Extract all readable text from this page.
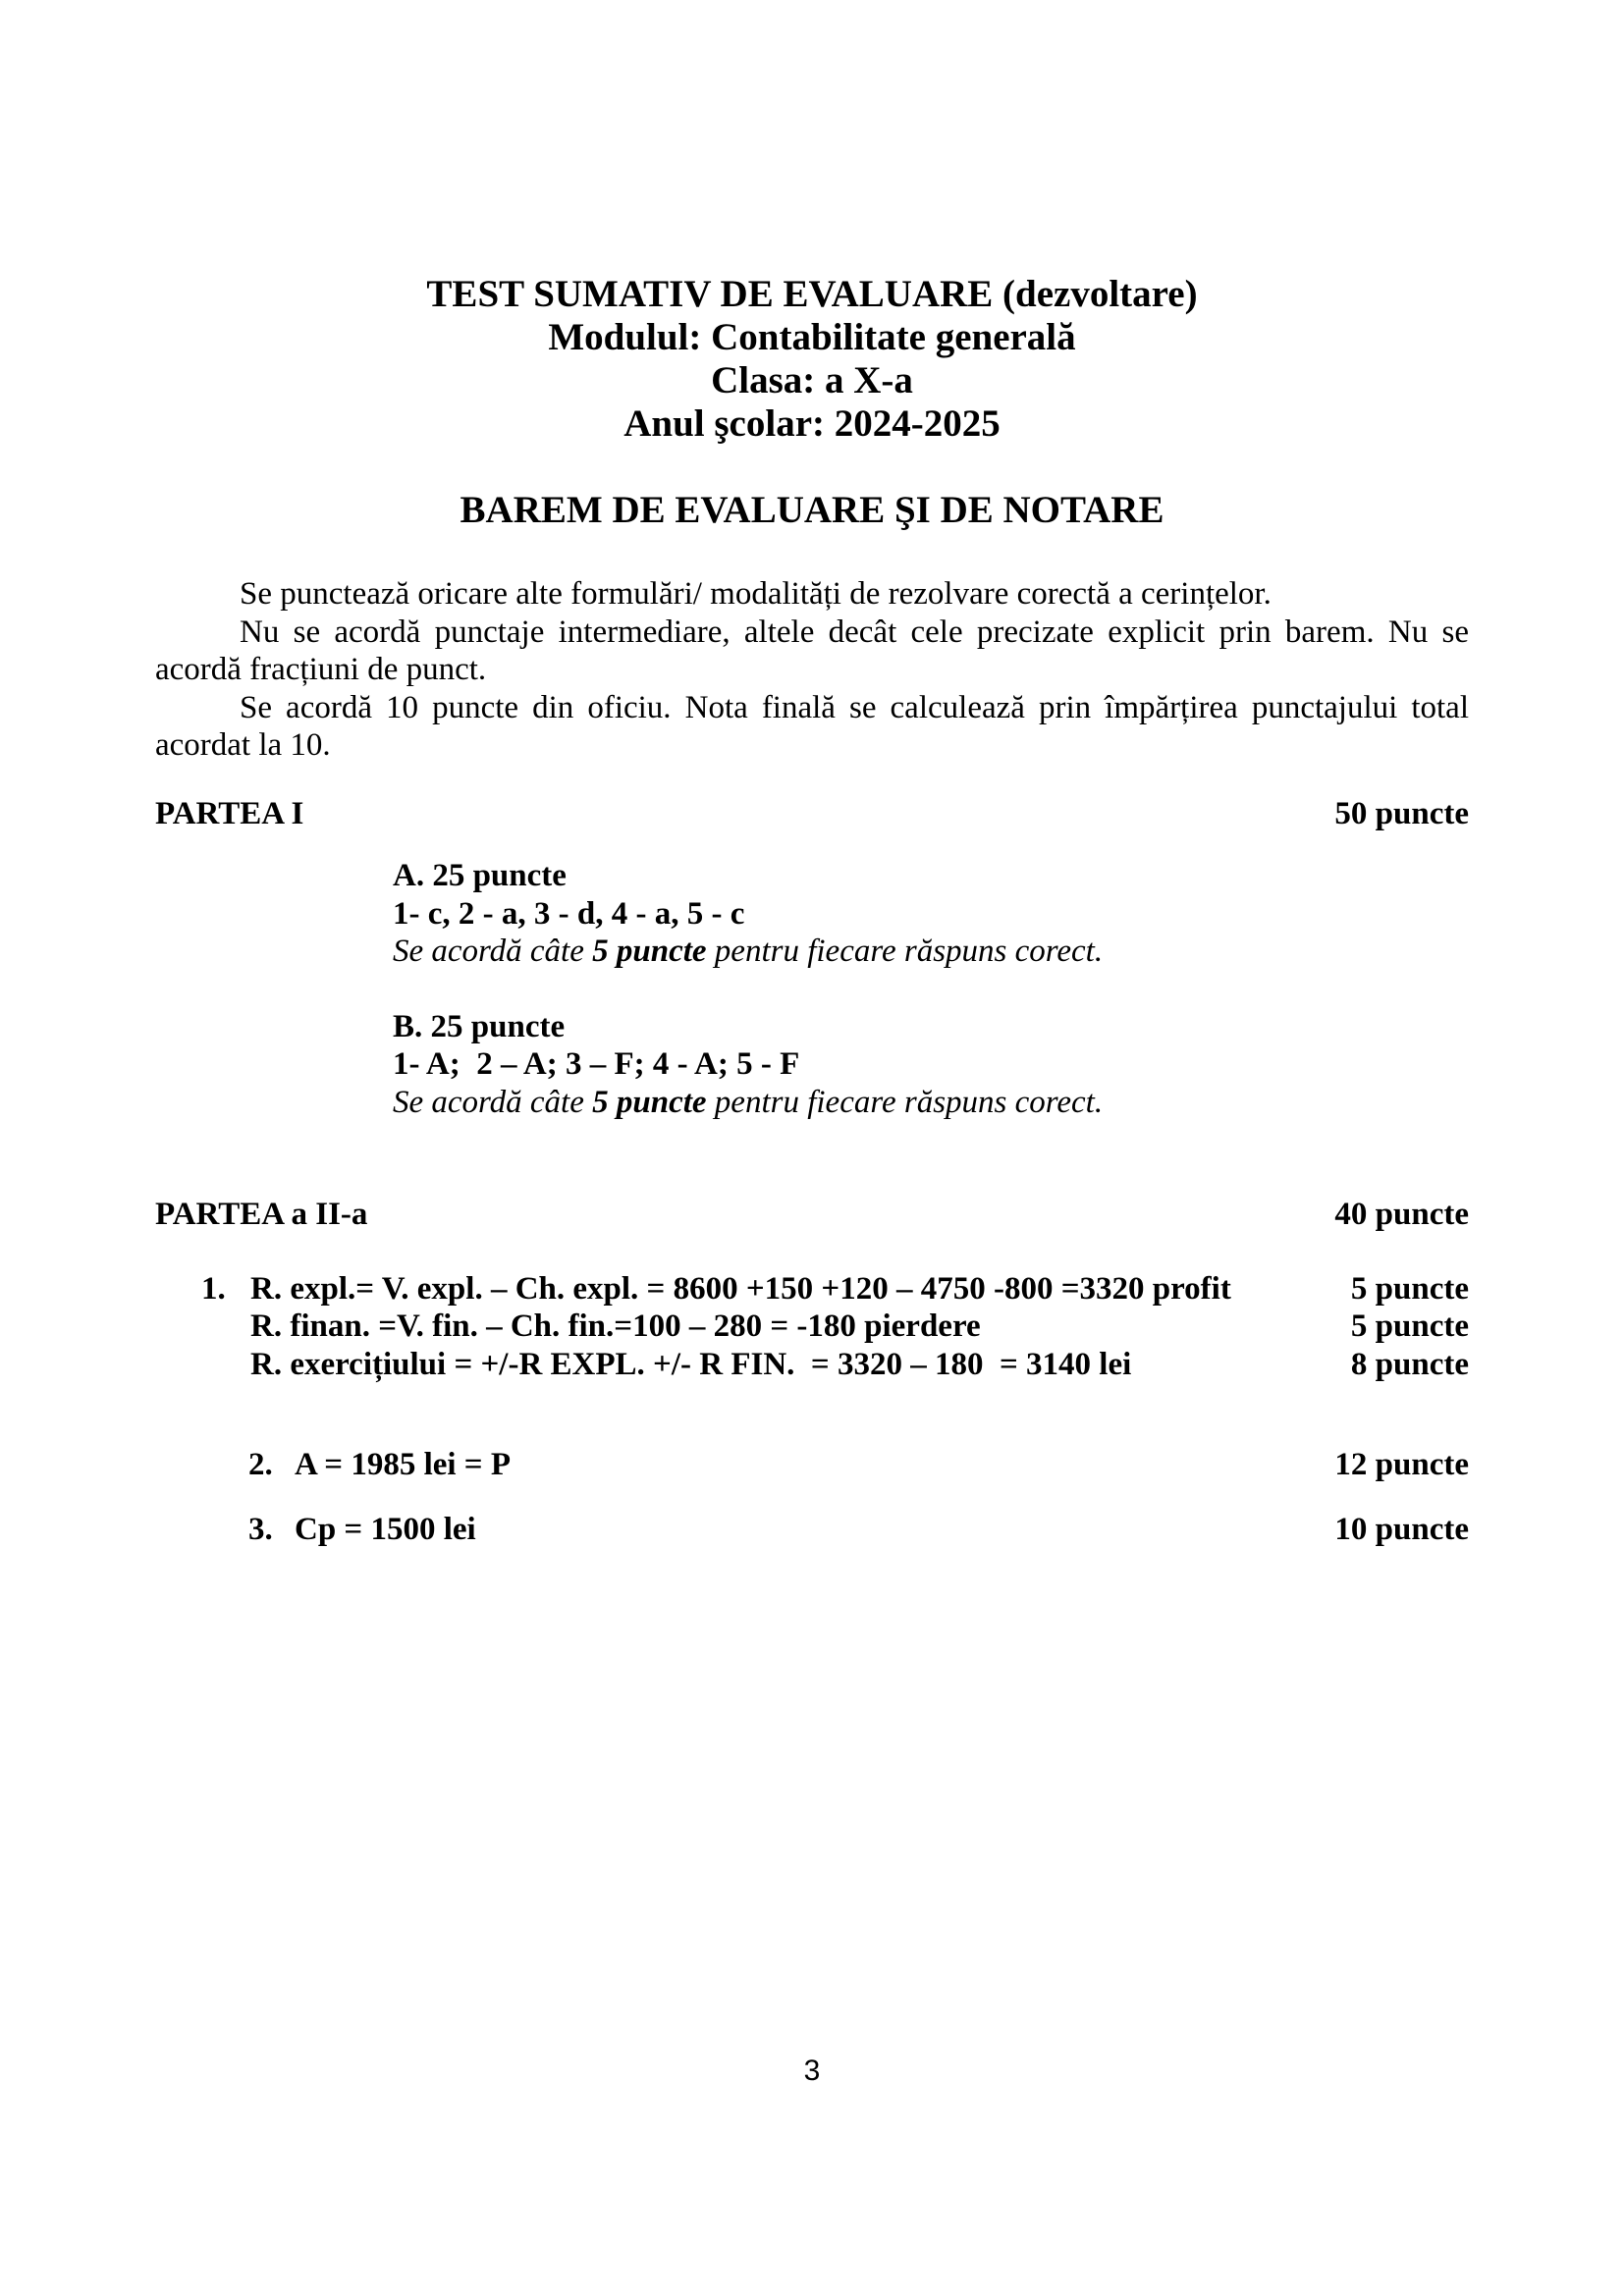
TEST SUMATIV DE EVALUARE (dezvoltare)
Modulul: Contabilitate generală
Clasa: a X-a
Anul şcolar: 2024-2025
BAREM DE EVALUARE ŞI DE NOTARE
Se punctează oricare alte formulări/ modalități de rezolvare corectă a cerințelor.
Nu se acordă punctaje intermediare, altele decât cele precizate explicit prin barem. Nu se
acordă fracțiuni de punct.
Se acordă 10 puncte din oficiu. Nota finală se calculează prin împărțirea punctajului total
acordat la 10.
PARTEA I	50 puncte
A. 25 puncte
1- c, 2 - a, 3 - d, 4 - a, 5 - c
Se acordă câte 5 puncte pentru fiecare răspuns corect.
B. 25 puncte
1- A;  2 – A; 3 – F; 4 - A; 5 - F
Se acordă câte 5 puncte pentru fiecare răspuns corect.
PARTEA a II-a	40 puncte
1. R. expl.= V. expl. – Ch. expl. = 8600 +150 +120 – 4750 -800 =3320 profit	5 puncte
R. finan. =V. fin. – Ch. fin.=100 – 280 = -180 pierdere	5 puncte
R. exercițiului = +/-R EXPL. +/- R FIN.  = 3320 – 180  = 3140 lei	8 puncte
2. A = 1985 lei = P	12 puncte
3. Cp = 1500 lei	10 puncte
3
